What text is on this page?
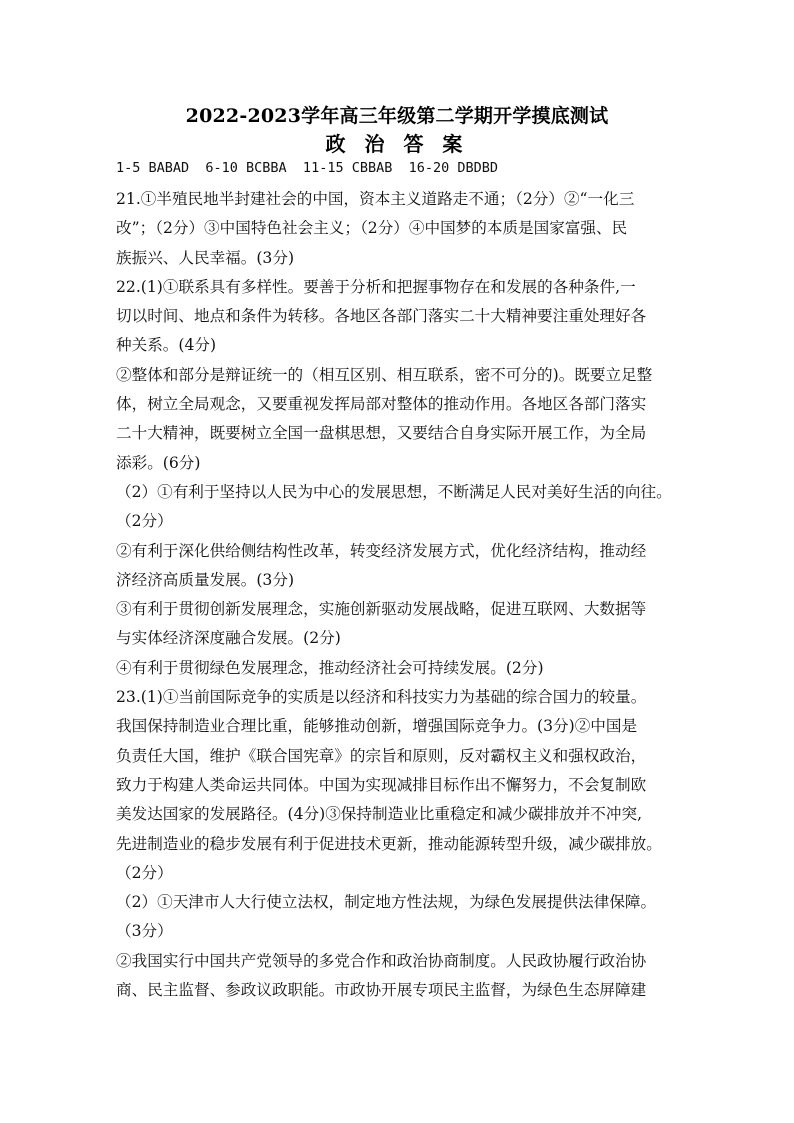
2022-2023学年高三年级第二学期开学摸底测试
政 治 答 案
1-5 BABAD  6-10 BCBBA  11-15 CBBAB  16-20 DBDBD
21.①半殖民地半封建社会的中国，资本主义道路走不通；（2分）②“一化三
改”；（2分）③中国特色社会主义；（2分）④中国梦的本质是国家富强、民
族振兴、人民幸福。(3分)
22.(1)①联系具有多样性。要善于分析和把握事物存在和发展的各种条件,一
切以时间、地点和条件为转移。各地区各部门落实二十大精神要注重处理好各
种关系。(4分)
②整体和部分是辩证统一的（相互区别、相互联系，密不可分的)。既要立足整
体，树立全局观念，又要重视发挥局部对整体的推动作用。各地区各部门落实
二十大精神，既要树立全国一盘棋思想，又要结合自身实际开展工作，为全局
添彩。(6分)
（2）①有利于坚持以人民为中心的发展思想，不断满足人民对美好生活的向往。
（2分）
②有利于深化供给侧结构性改革，转变经济发展方式，优化经济结构，推动经
济经济高质量发展。(3分)
③有利于贯彻创新发展理念，实施创新驱动发展战略，促进互联网、大数据等
与实体经济深度融合发展。(2分)
④有利于贯彻绿色发展理念，推动经济社会可持续发展。(2分)
23.(1)①当前国际竞争的实质是以经济和科技实力为基础的综合国力的较量。
我国保持制造业合理比重，能够推动创新，增强国际竞争力。(3分)②中国是
负责任大国，维护《联合国宪章》的宗旨和原则，反对霸权主义和强权政治，
致力于构建人类命运共同体。中国为实现减排目标作出不懈努力，不会复制欧
美发达国家的发展路径。(4分)③保持制造业比重稳定和减少碳排放并不冲突,
先进制造业的稳步发展有利于促进技术更新，推动能源转型升级，减少碳排放。
（2分）
（2）①天津市人大行使立法权，制定地方性法规，为绿色发展提供法律保障。
（3分）
②我国实行中国共产党领导的多党合作和政治协商制度。人民政协履行政治协
商、民主监督、参政议政职能。市政协开展专项民主监督，为绿色生态屏障建
